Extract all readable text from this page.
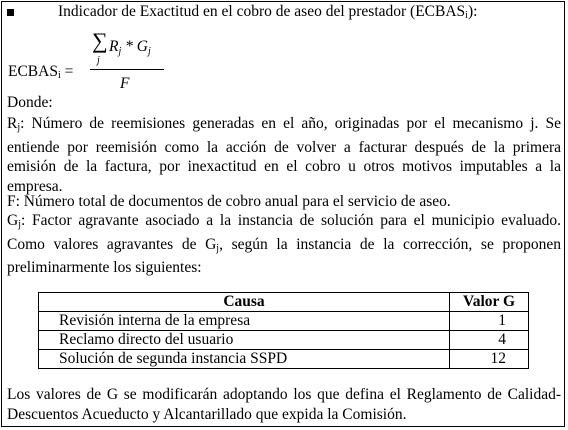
Indicador de Exactitud en el cobro de aseo del prestador $(ECBAS_i)$:
$ECBAS_i$ =
∑
j
Rj * Gj
F

Donde:

$R_j$: Número de reemisiones generadas en el año, originadas por el mecanismo j. Se entiende por reemisión como la acción de volver a facturar después de la primera emisión de la factura, por inexactitud en el cobro u otros motivos imputables a la empresa.

F: Número total de documentos de cobro anual para el servicio de aseo.

$G_j$: Factor agravante asociado a la instancia de solución para el municipio evaluado. Como valores agravantes de $G_j$, según la instancia de la corrección, se proponen preliminarmente los siguientes:

Causa	Valor G
Revisión interna de la empresa	1
Reclamo directo del usuario	4
Solución de segunda instancia SSPD	12

Los valores de G se modificarán adoptando los que defina el Reglamento de Calidad-Descuentos Acueducto y Alcantarillado que expida la Comisión.
